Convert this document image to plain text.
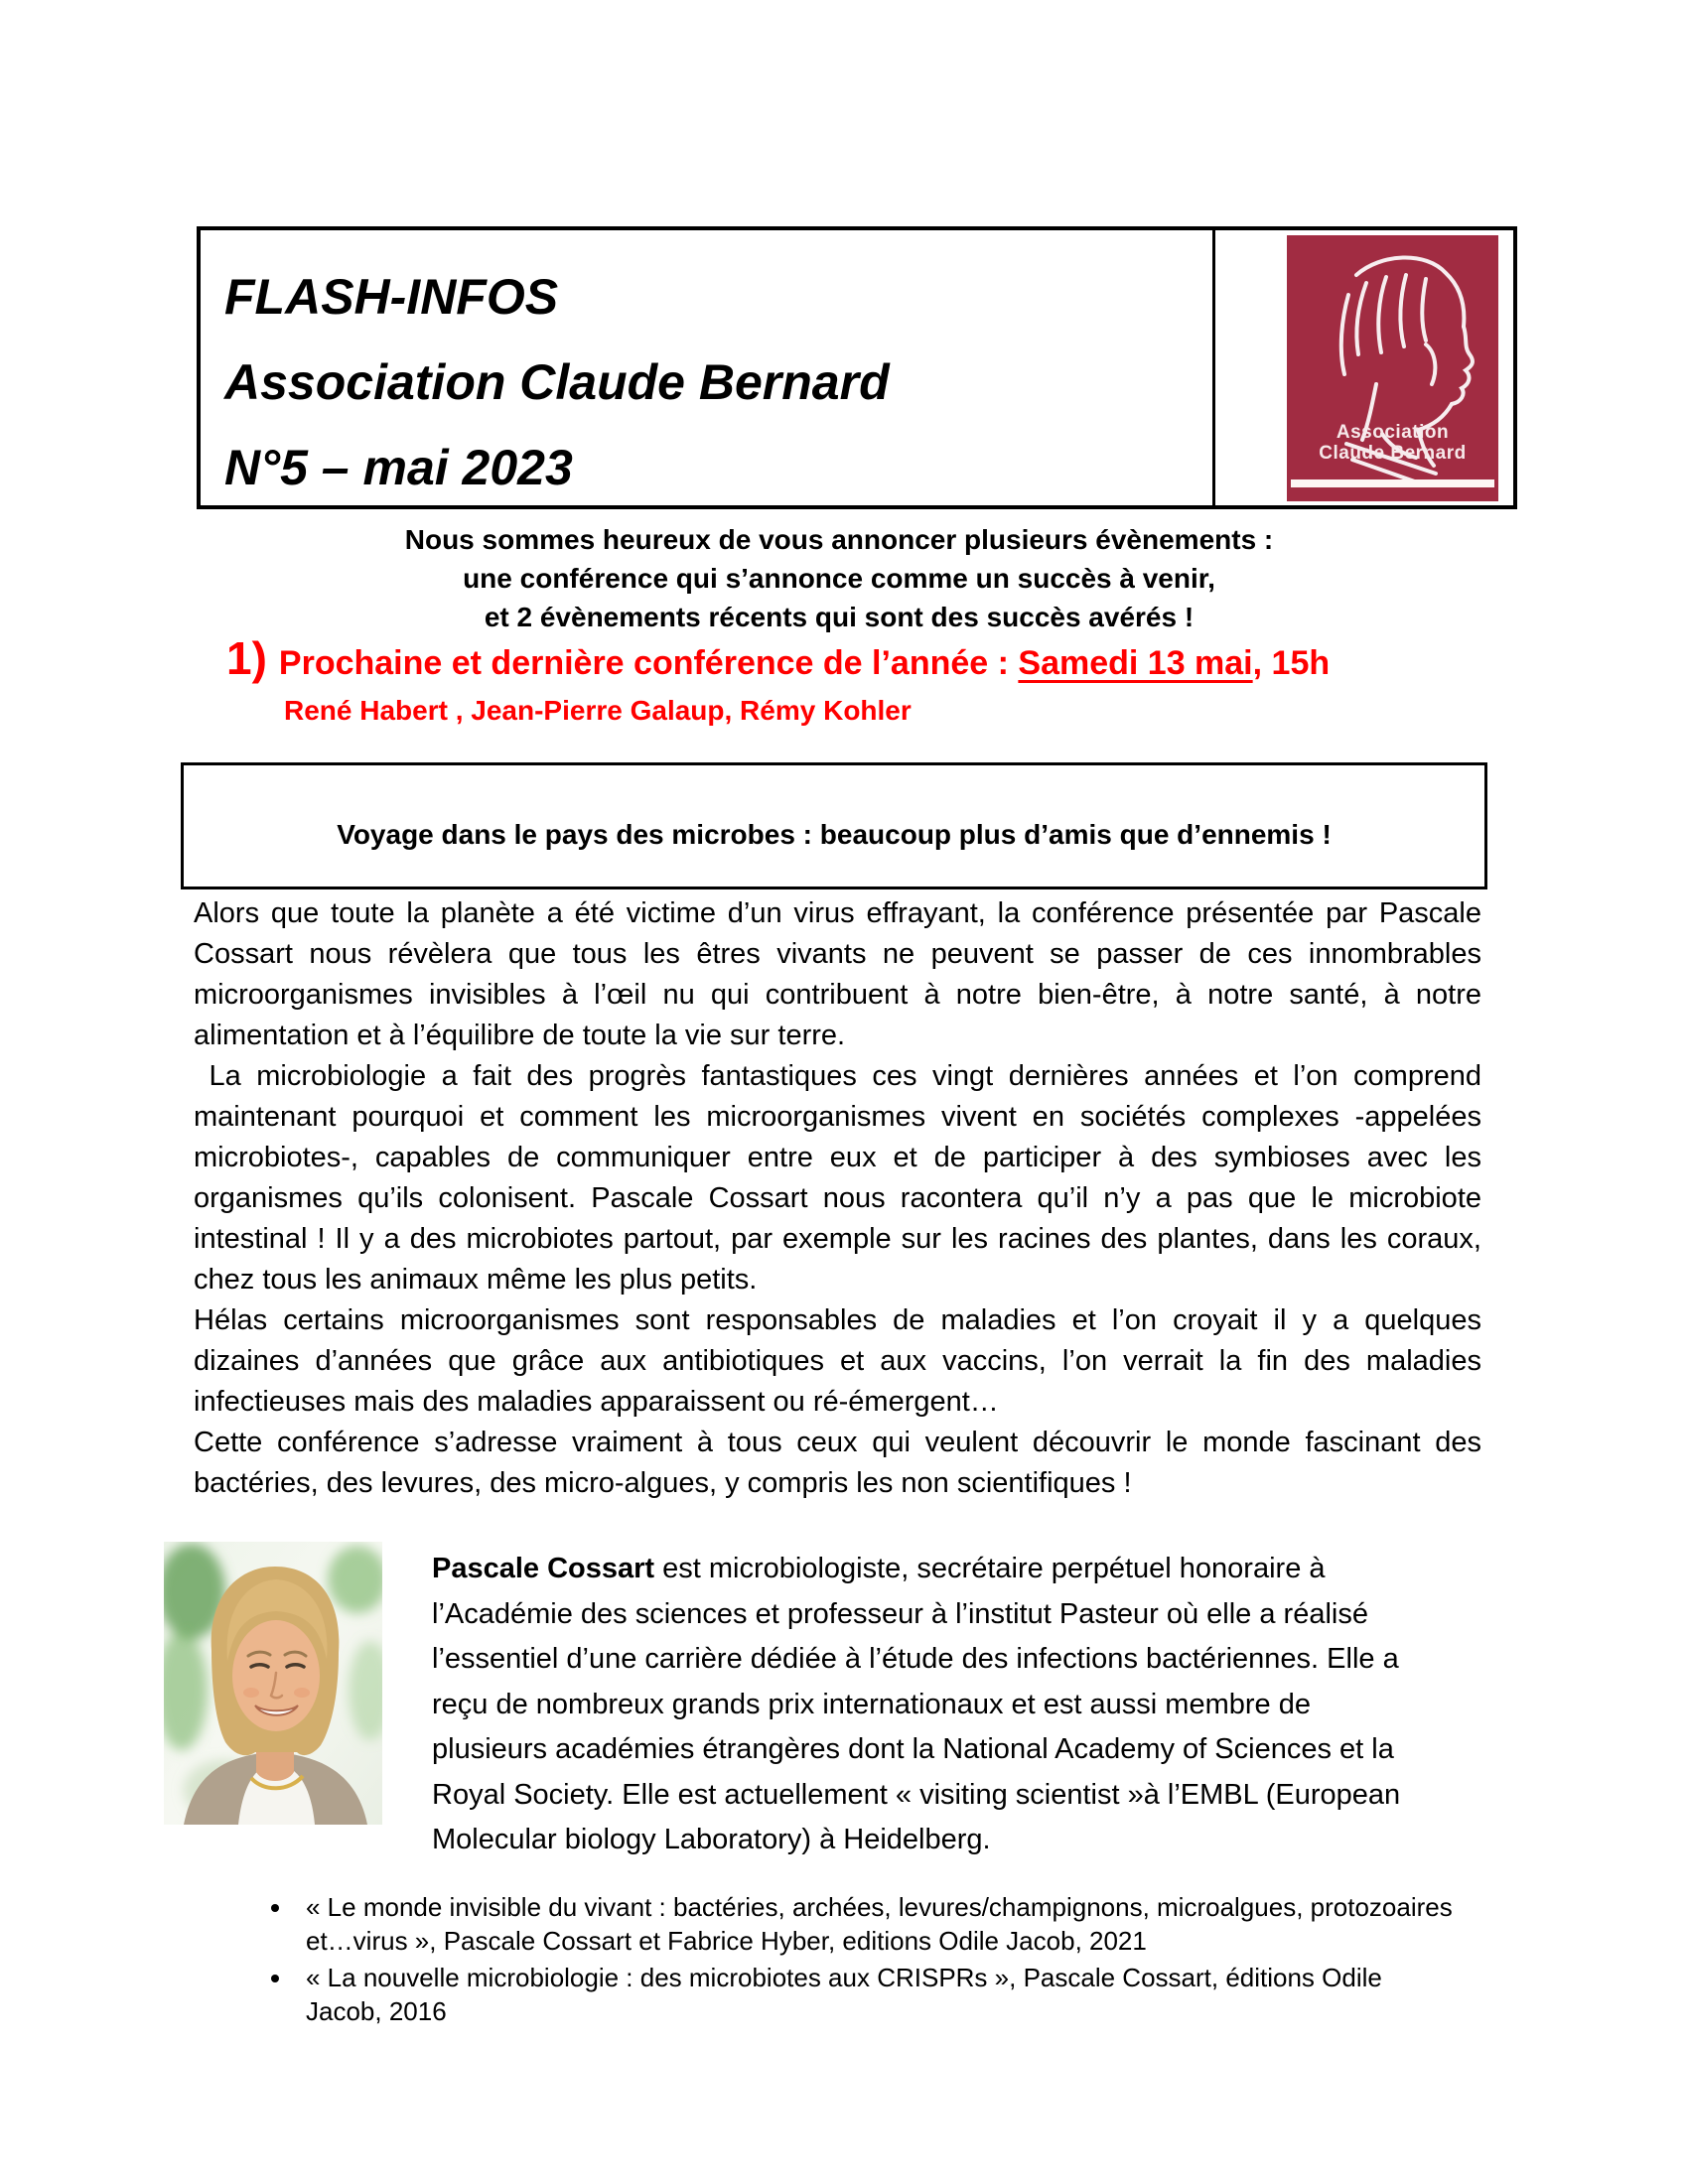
FLASH-INFOS
Association Claude Bernard
N°5 – mai 2023
Association
Claude Bernard
Nous sommes heureux de vous annoncer plusieurs évènements :
une conférence qui s’annonce comme un succès à venir,
et 2 évènements récents qui sont des succès avérés !
1) Prochaine et dernière conférence de l’année : Samedi 13 mai, 15h
René Habert , Jean-Pierre Galaup, Rémy Kohler
Voyage dans le pays des microbes : beaucoup plus d’amis que d’ennemis !

Alors que toute la planète a été victime d’un virus effrayant, la conférence présentée par Pascale Cossart nous révèlera que tous les êtres vivants ne peuvent se passer de ces innombrables microorganismes invisibles à l’œil nu qui contribuent à notre bien-être, à notre santé, à notre alimentation et à l’équilibre de toute la vie sur terre.

La microbiologie a fait des progrès fantastiques ces vingt dernières années et l’on comprend maintenant pourquoi et comment les microorganismes vivent en sociétés complexes -appelées microbiotes-, capables de communiquer entre eux et de participer à des symbioses avec les organismes qu’ils colonisent. Pascale Cossart nous racontera qu’il n’y a pas que le microbiote intestinal ! Il y a des microbiotes partout, par exemple sur les racines des plantes, dans les coraux, chez tous les animaux même les plus petits.

Hélas certains microorganismes sont responsables de maladies et l’on croyait il y a quelques dizaines d’années que grâce aux antibiotiques et aux vaccins, l’on verrait la fin des maladies infectieuses mais des maladies apparaissent ou ré-émergent…

Cette conférence s’adresse vraiment à tous ceux qui veulent découvrir le monde fascinant des bactéries, des levures, des micro-algues, y compris les non scientifiques !

Pascale Cossart est microbiologiste, secrétaire perpétuel honoraire à l’Académie des sciences et professeur à l’institut Pasteur où elle a réalisé l’essentiel d’une carrière dédiée à l’étude des infections bactériennes. Elle a reçu de nombreux grands prix internationaux et est aussi membre de plusieurs académies étrangères dont la National Academy of Sciences et la Royal Society. Elle est actuellement « visiting scientist »à l’EMBL (European Molecular biology Laboratory) à Heidelberg.
• « Le monde invisible du vivant : bactéries, archées, levures/champignons, microalgues, protozoaires et…virus », Pascale Cossart et Fabrice Hyber, editions Odile Jacob, 2021
• « La nouvelle microbiologie : des microbiotes aux CRISPRs », Pascale Cossart, éditions Odile Jacob, 2016
